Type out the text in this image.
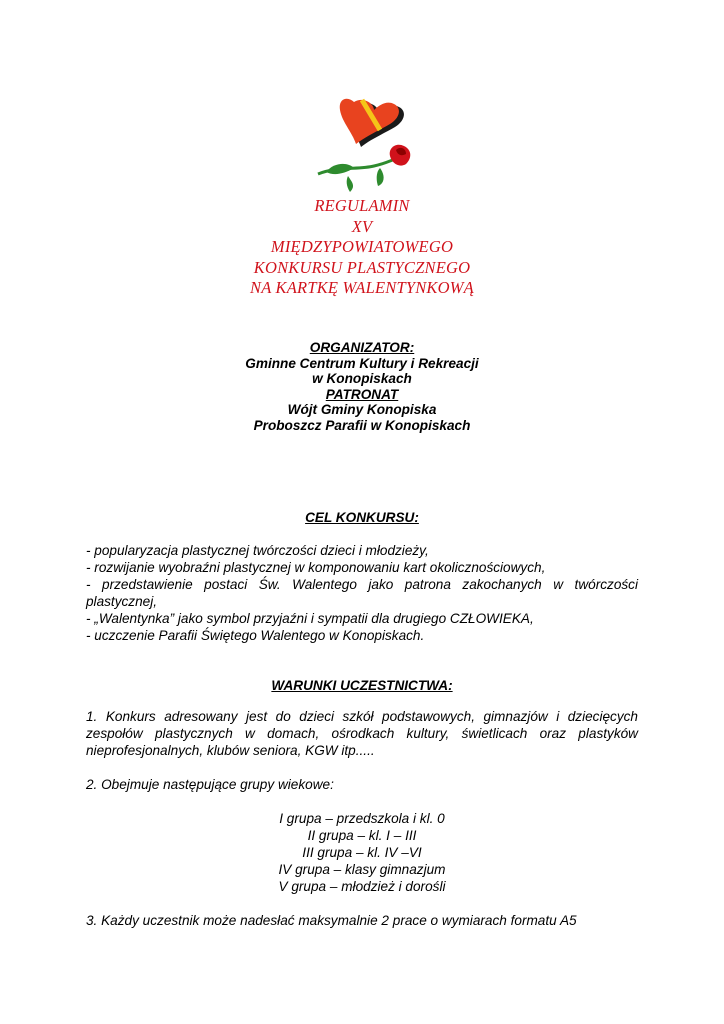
REGULAMIN
XV
MIĘDZYPOWIATOWEGO
KONKURSU PLASTYCZNEGO
NA KARTKĘ WALENTYNKOWĄ
ORGANIZATOR:
Gminne Centrum Kultury i Rekreacji
w Konopiskach
PATRONAT
Wójt Gminy Konopiska
Proboszcz Parafii w Konopiskach
CEL KONKURSU:

- popularyzacja plastycznej twórczości dzieci i młodzieży,

- rozwijanie wyobraźni plastycznej w komponowaniu kart okolicznościowych,

- przedstawienie postaci Św. Walentego jako patrona zakochanych w twórczości plastycznej,

- „Walentynka” jako symbol przyjaźni i sympatii dla drugiego CZŁOWIEKA,

- uczczenie Parafii Świętego Walentego w Konopiskach.

WARUNKI UCZESTNICTWA:
1. Konkurs adresowany jest do dzieci szkół podstawowych, gimnazjów i dziecięcych zespołów plastycznych w domach, ośrodkach kultury, świetlicach oraz plastyków nieprofesjonalnych, klubów seniora, KGW itp.....
2. Obejmuje następujące grupy wiekowe:
I grupa – przedszkola i kl. 0
II grupa – kl. I – III
III grupa – kl. IV –VI
IV grupa – klasy gimnazjum
V grupa – młodzież i dorośli
3. Każdy uczestnik może nadesłać maksymalnie 2 prace o wymiarach formatu A5
